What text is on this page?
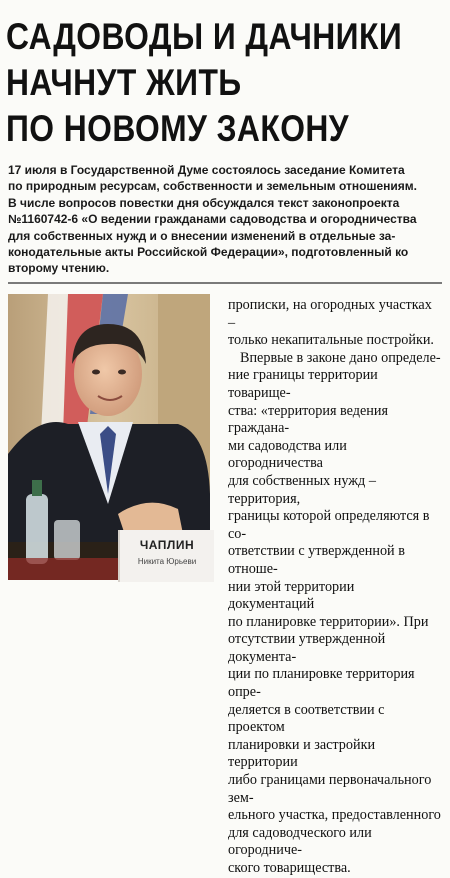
САДОВОДЫ И ДАЧНИКИ
НАЧНУТ ЖИТЬ
ПО НОВОМУ ЗАКОНУ
17 июля в Государственной Думе состоялось заседание Комитета
по природным ресурсам, собственности и земельным отношениям.
В числе вопросов повестки дня обсуждался текст законопроекта
№1160742-6 «О ведении гражданами садоводства и огородничества
для собственных нужд и о внесении изменений в отдельные за-
конодательные акты Российской Федерации», подготовленный ко
второму чтению.
ЧАПЛИН
Никита Юрьеви

прописки, на огородных участках –

только некапитальные постройки.

Впервые в законе дано определе-

ние границы территории товарище-

ства: «территория ведения граждана-

ми садоводства или огородничества

для собственных нужд – территория,

границы которой определяются в со-

ответствии с утвержденной в отноше-

нии этой территории документаций

по планировке территории». При

отсутствии утвержденной документа-

ции по планировке территория опре-

деляется в соответствии с проектом

планировки и застройки территории

либо границами первоначального зем-

ельного участка, предоставленного

для садоводческого или огородниче-

ского товарищества.
